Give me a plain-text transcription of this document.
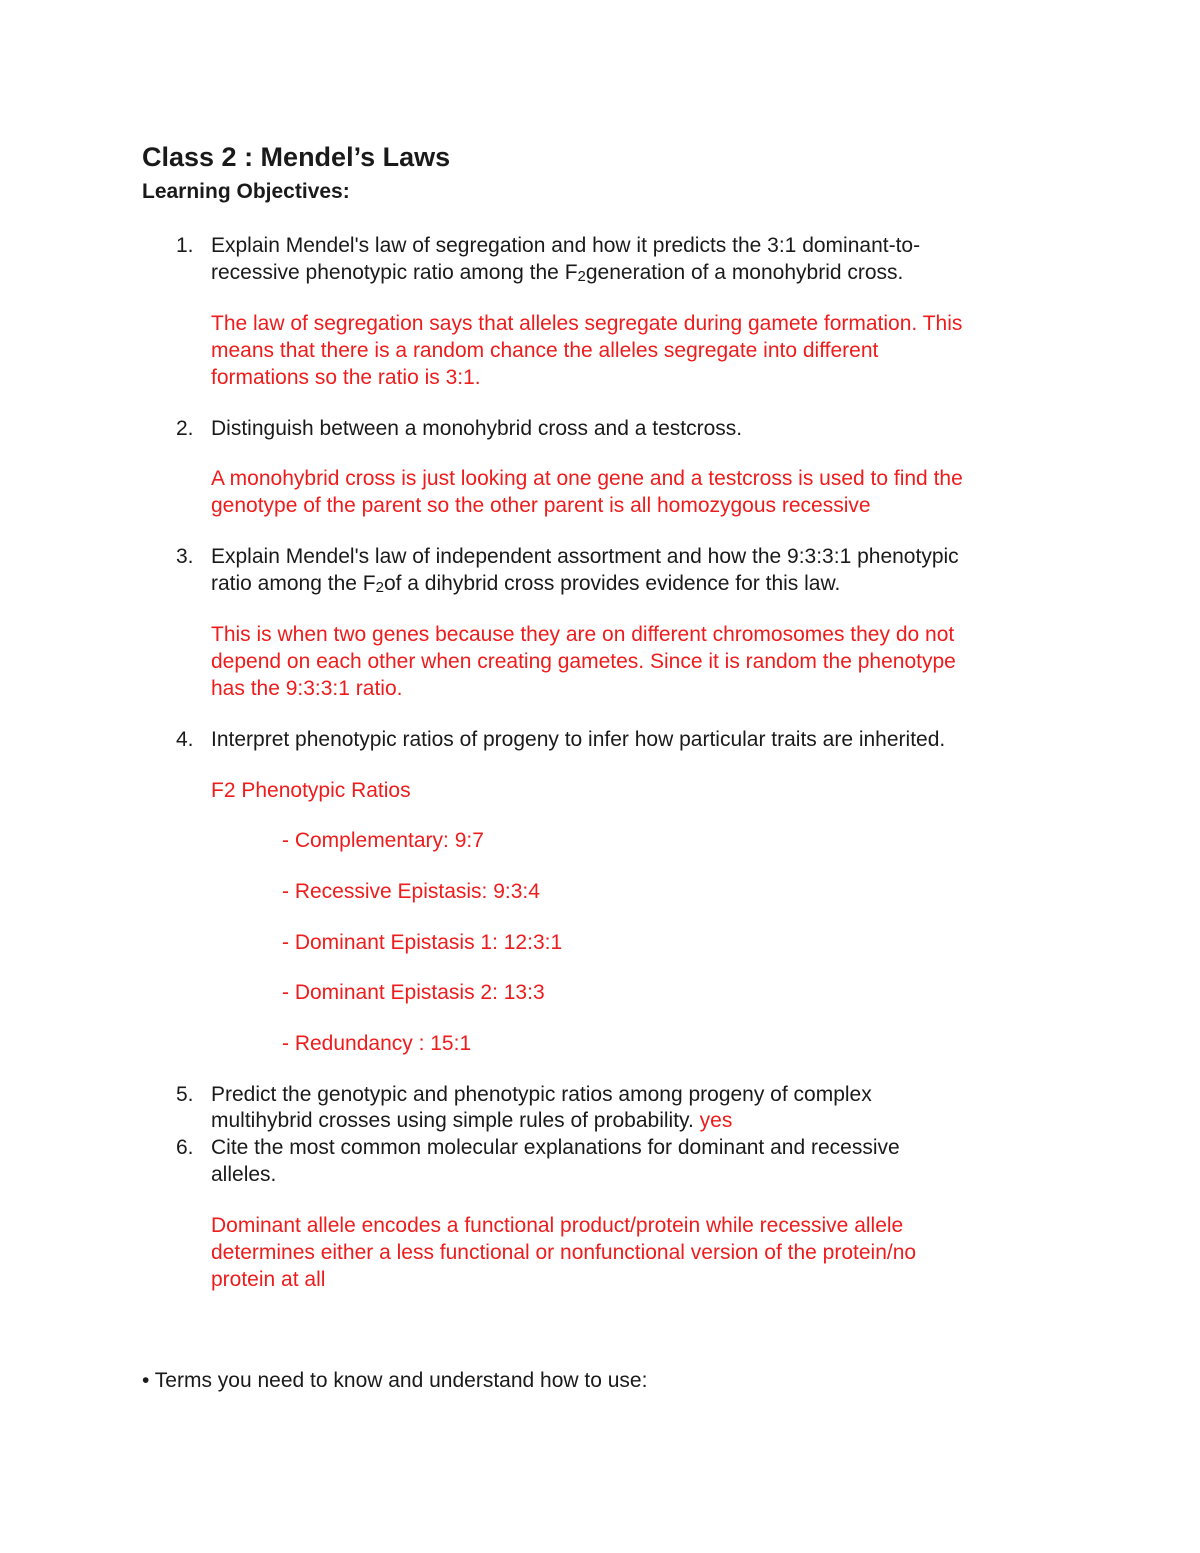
Class 2 : Mendel’s Laws
Learning Objectives:
1. Explain Mendel's law of segregation and how it predicts the 3:1 dominant-to-
recessive phenotypic ratio among the F2generation of a monohybrid cross.
The law of segregation says that alleles segregate during gamete formation. This
means that there is a random chance the alleles segregate into different
formations so the ratio is 3:1.
2. Distinguish between a monohybrid cross and a testcross.
A monohybrid cross is just looking at one gene and a testcross is used to find the
genotype of the parent so the other parent is all homozygous recessive
3. Explain Mendel's law of independent assortment and how the 9:3:3:1 phenotypic
ratio among the F2of a dihybrid cross provides evidence for this law.
This is when two genes because they are on different chromosomes they do not
depend on each other when creating gametes. Since it is random the phenotype
has the 9:3:3:1 ratio.
4. Interpret phenotypic ratios of progeny to infer how particular traits are inherited.
F2 Phenotypic Ratios
- Complementary: 9:7
- Recessive Epistasis: 9:3:4
- Dominant Epistasis 1: 12:3:1
- Dominant Epistasis 2: 13:3
- Redundancy : 15:1
5. Predict the genotypic and phenotypic ratios among progeny of complex
multihybrid crosses using simple rules of probability. yes
6. Cite the most common molecular explanations for dominant and recessive
alleles.
Dominant allele encodes a functional product/protein while recessive allele
determines either a less functional or nonfunctional version of the protein/no
protein at all
• Terms you need to know and understand how to use:
